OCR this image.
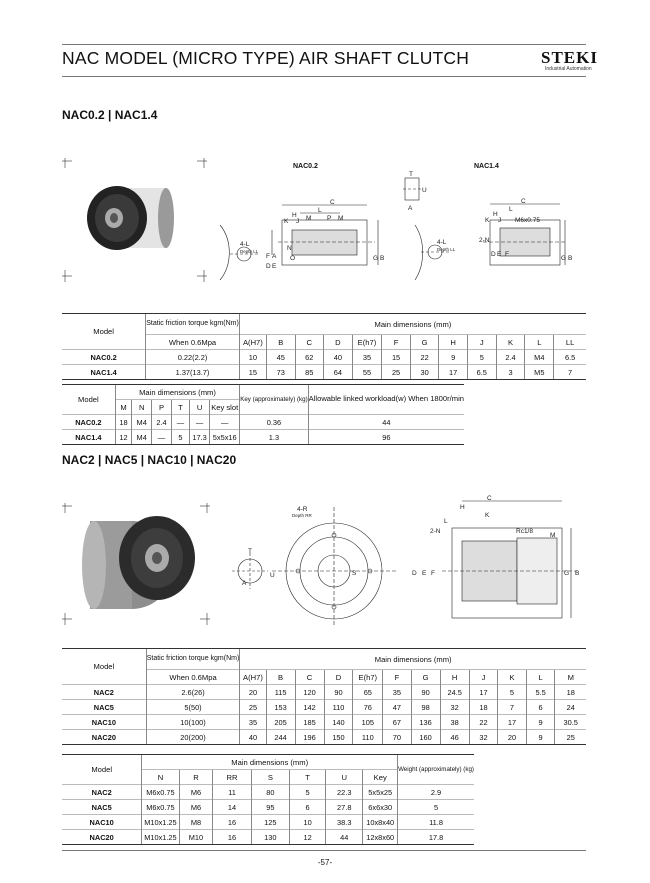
NAC MODEL (MICRO TYPE) AIR SHAFT CLUTCH	STEKI
Industrial Automation
NAC0.2 | NAC1.4
NAC0.2	NAC1.4
C
L
M P M
K
H
J
N
O
4-L
Depth LL
F A
D E
G B
T
U
A
C
L
M6x0.75
K
H
J
2-N
4-L
Depth LL
D E F
G B
Model	Static friction torque kgm(Nm)	Main dimensions (mm)											
	When 0.6Mpa	A(H7)	B	C	D	E(h7)	F	G	H	J	K	L	LL
NAC0.2	0.22(2.2)	10	45	62	40	35	15	22	9	5	2.4	M4	6.5
NAC1.4	1.37(13.7)	15	73	85	64	55	25	30	17	6.5	3	M5	7
Model	Main dimensions (mm)						Key (approximately) (kg)	Allowable linked workload(w) When 1800r/min
	M	N	P	T	U	Key slot		
NAC0.2	18	M4	2.4	—	—	—	0.36	44
NAC1.4	12	M4	—	5	17.3	5x5x16	1.3	96
NAC2 | NAC5 | NAC10 | NAC20
T
A
U
4-R
Depth RR
S
C
H
K
L
2-N	Rc1/8
M
D E F	G B
Model	Static friction torque kgm(Nm)	Main dimensions (mm)											
	When 0.6Mpa	A(H7)	B	C	D	E(h7)	F	G	H	J	K	L	M
NAC2	2.6(26)	20	115	120	90	65	35	90	24.5	17	5	5.5	18
NAC5	5(50)	25	153	142	110	76	47	98	32	18	7	6	24
NAC10	10(100)	35	205	185	140	105	67	136	38	22	17	9	30.5
NAC20	20(200)	40	244	196	150	110	70	160	46	32	20	9	25
Model	Main dimensions (mm)							Weight (approximately) (kg)
	N	R	RR	S	T	U	Key	
NAC2	M6x0.75	M6	11	80	5	22.3	5x5x25	2.9
NAC5	M6x0.75	M6	14	95	6	27.8	6x6x30	5
NAC10	M10x1.25	M8	16	125	10	38.3	10x8x40	11.8
NAC20	M10x1.25	M10	16	130	12	44	12x8x60	17.8
-57-
